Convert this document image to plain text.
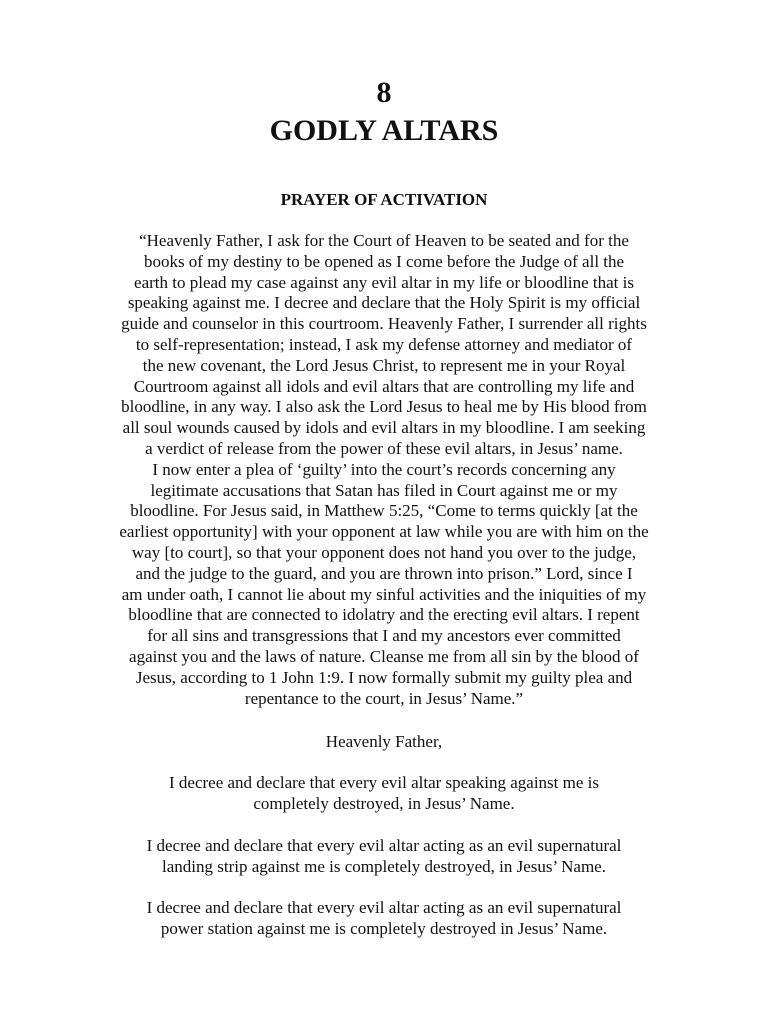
8
GODLY ALTARS
PRAYER OF ACTIVATION

“Heavenly Father, I ask for the Court of Heaven to be seated and for the
books of my destiny to be opened as I come before the Judge of all the
earth to plead my case against any evil altar in my life or bloodline that is
speaking against me. I decree and declare that the Holy Spirit is my official
guide and counselor in this courtroom. Heavenly Father, I surrender all rights
to self-representation; instead, I ask my defense attorney and mediator of
the new covenant, the Lord Jesus Christ, to represent me in your Royal
Courtroom against all idols and evil altars that are controlling my life and
bloodline, in any way. I also ask the Lord Jesus to heal me by His blood from
all soul wounds caused by idols and evil altars in my bloodline. I am seeking
a verdict of release from the power of these evil altars, in Jesus’ name.
I now enter a plea of ‘guilty’ into the court’s records concerning any
legitimate accusations that Satan has filed in Court against me or my
bloodline. For Jesus said, in Matthew 5:25, “Come to terms quickly [at the
earliest opportunity] with your opponent at law while you are with him on the
way [to court], so that your opponent does not hand you over to the judge,
and the judge to the guard, and you are thrown into prison.” Lord, since I
am under oath, I cannot lie about my sinful activities and the iniquities of my
bloodline that are connected to idolatry and the erecting evil altars. I repent
for all sins and transgressions that I and my ancestors ever committed
against you and the laws of nature. Cleanse me from all sin by the blood of
Jesus, according to 1 John 1:9. I now formally submit my guilty plea and
repentance to the court, in Jesus’ Name.”

Heavenly Father,

I decree and declare that every evil altar speaking against me is
completely destroyed, in Jesus’ Name.

I decree and declare that every evil altar acting as an evil supernatural
landing strip against me is completely destroyed, in Jesus’ Name.

I decree and declare that every evil altar acting as an evil supernatural
power station against me is completely destroyed in Jesus’ Name.
